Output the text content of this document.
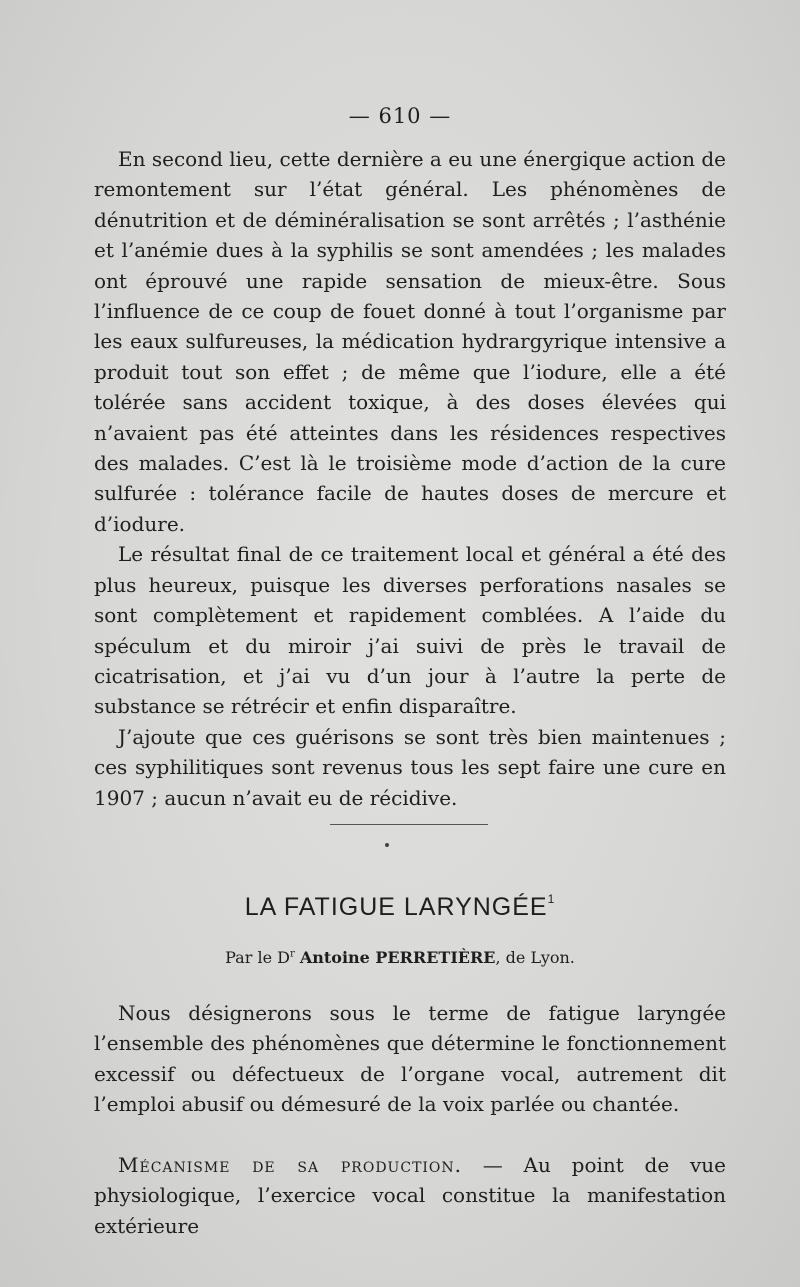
— 610 —

En second lieu, cette dernière a eu une énergique action de remontement sur l’état général. Les phénomènes de dénutrition et de déminéralisation se sont arrêtés ; l’asthénie et l’anémie dues à la syphilis se sont amendées ; les malades ont éprouvé une rapide sensation de mieux-être. Sous l’influence de ce coup de fouet donné à tout l’organisme par les eaux sulfureuses, la médication hydrargyrique intensive a produit tout son effet ; de même que l’iodure, elle a été tolérée sans accident toxique, à des doses élevées qui n’avaient pas été atteintes dans les résidences respectives des malades. C’est là le troisième mode d’action de la cure sulfurée : tolérance facile de hautes doses de mercure et d’iodure.

Le résultat final de ce traitement local et général a été des plus heureux, puisque les diverses perforations nasales se sont complètement et rapidement comblées. A l’aide du spéculum et du miroir j’ai suivi de près le travail de cicatrisation, et j’ai vu d’un jour à l’autre la perte de substance se rétrécir et enfin disparaître.

J’ajoute que ces guérisons se sont très bien maintenues ; ces syphilitiques sont revenus tous les sept faire une cure en 1907 ; aucun n’avait eu de récidive.

LA FATIGUE LARYNGÉE$^1$
Par le $D^r$ Antoine PERRETIÈRE, de Lyon.

Nous désignerons sous le terme de fatigue laryngée l’ensemble des phénomènes que détermine le fonctionnement excessif ou défectueux de l’organe vocal, autrement dit l’emploi abusif ou démesuré de la voix parlée ou chantée.

Mécanisme de sa production. — Au point de vue physiologique, l’exercice vocal constitue la manifestation extérieure
